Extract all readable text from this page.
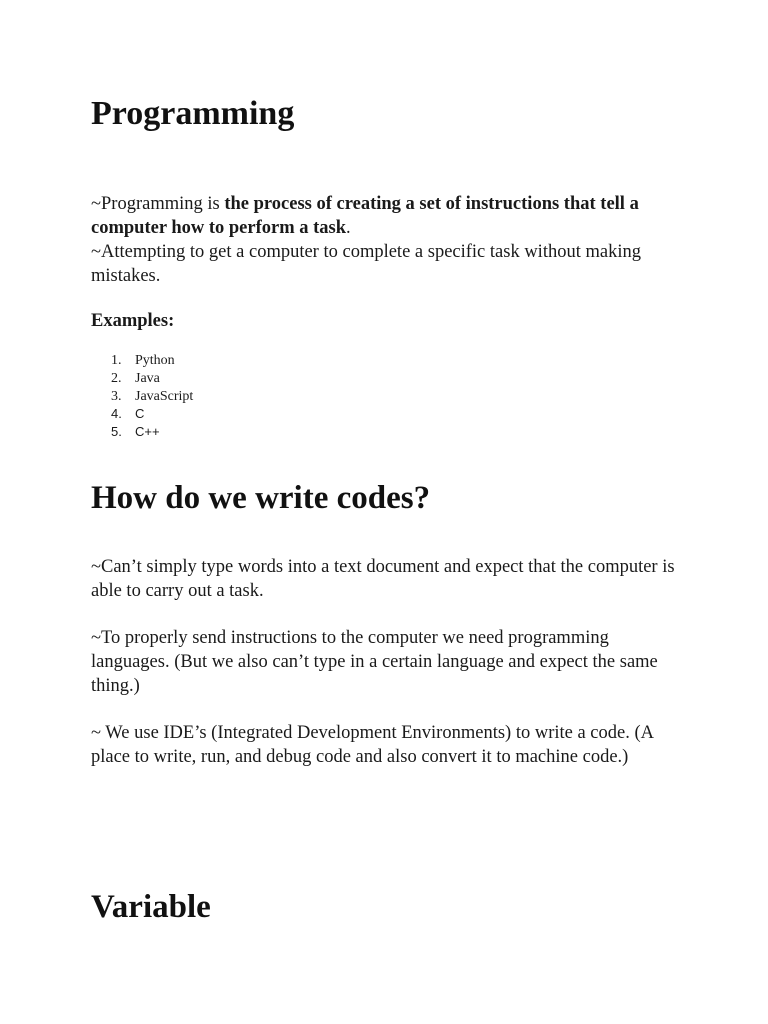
Programming

~Programming is the process of creating a set of instructions that tell a computer how to perform a task.
~Attempting to get a computer to complete a specific task without making mistakes.

Examples:

Python
Java
JavaScript
C
C++
How do we write codes?

~Can’t simply type words into a text document and expect that the computer is able to carry out a task.

~To properly send instructions to the computer we need programming languages. (But we also can’t type in a certain language and expect the same thing.)

~ We use IDE’s (Integrated Development Environments) to write a code. (A place to write, run, and debug code and also convert it to machine code.)

Variable
